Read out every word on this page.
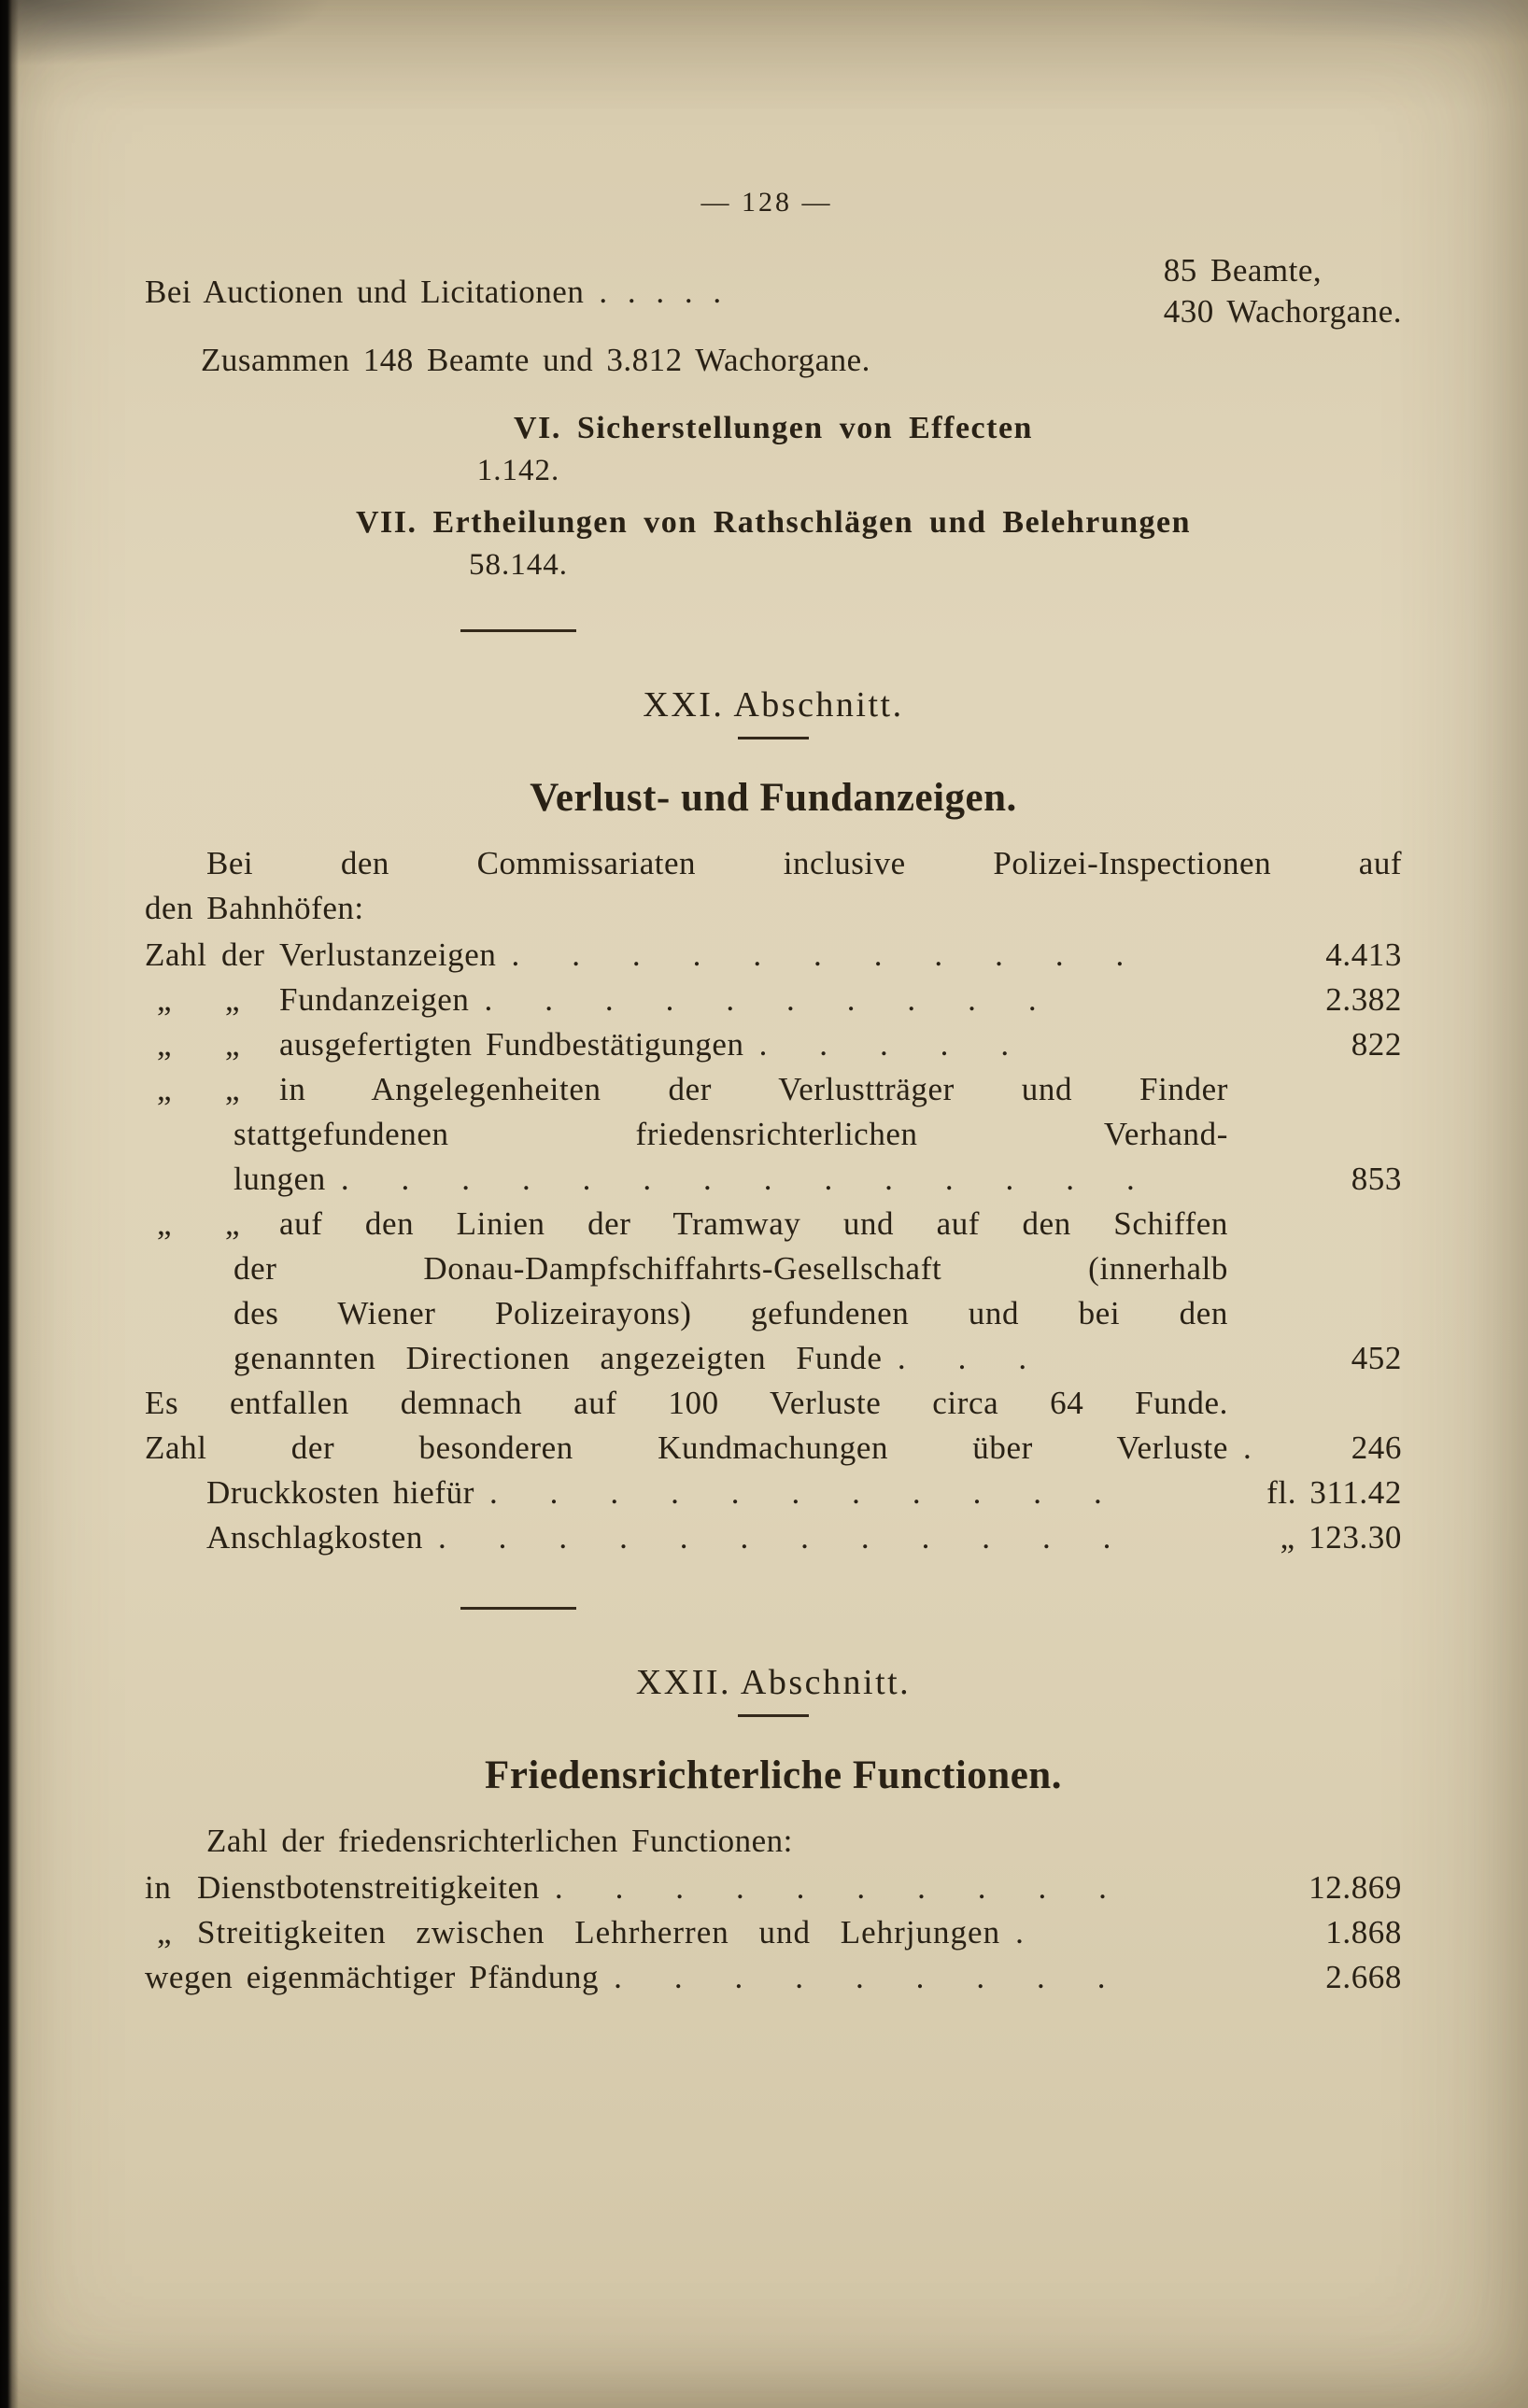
— 128 —
Bei Auctionen und Licitationen . . . . .
85 Beamte,
430 Wachorgane.
Zusammen 148 Beamte und 3.812 Wachorgane.
VI. Sicherstellungen von Effecten
1.142.
VII. Ertheilungen von Rathschlägen und Belehrungen
58.144.
XXI. Abschnitt.
Verlust- und Fundanzeigen.
Bei den Commissariaten inclusive Polizei-Inspectionen auf
den Bahnhöfen:
Zahl der Verlustanzeigen . . . . . . . . . . .	4.413
„	„	Fundanzeigen . . . . . . . . . .	2.382
„	„	ausgefertigten Fundbestätigungen . . . . .	822
„	„	in Angelegenheiten der Verlustträger und Finder
stattgefundenen friedensrichterlichen Verhand-
lungen . . . . . . . . . . . . . .	853
„	„	auf den Linien der Tramway und auf den Schiffen
der Donau-Dampfschiffahrts-Gesellschaft (innerhalb
des Wiener Polizeirayons) gefundenen und bei den
genannten Directionen angezeigten Funde . . .	452
Es entfallen demnach auf 100 Verluste circa 64 Funde.
Zahl der besonderen Kundmachungen über Verluste .	246
Druckkosten hiefür . . . . . . . . . . .	fl. 311.42
Anschlagkosten . . . . . . . . . . . .	„ 123.30
XXII. Abschnitt.
Friedensrichterliche Functionen.
Zahl der friedensrichterlichen Functionen:
in Dienstbotenstreitigkeiten . . . . . . . . . .	12.869
„ Streitigkeiten zwischen Lehrherren und Lehrjungen .	1.868
wegen eigenmächtiger Pfändung . . . . . . . . .	2.668
